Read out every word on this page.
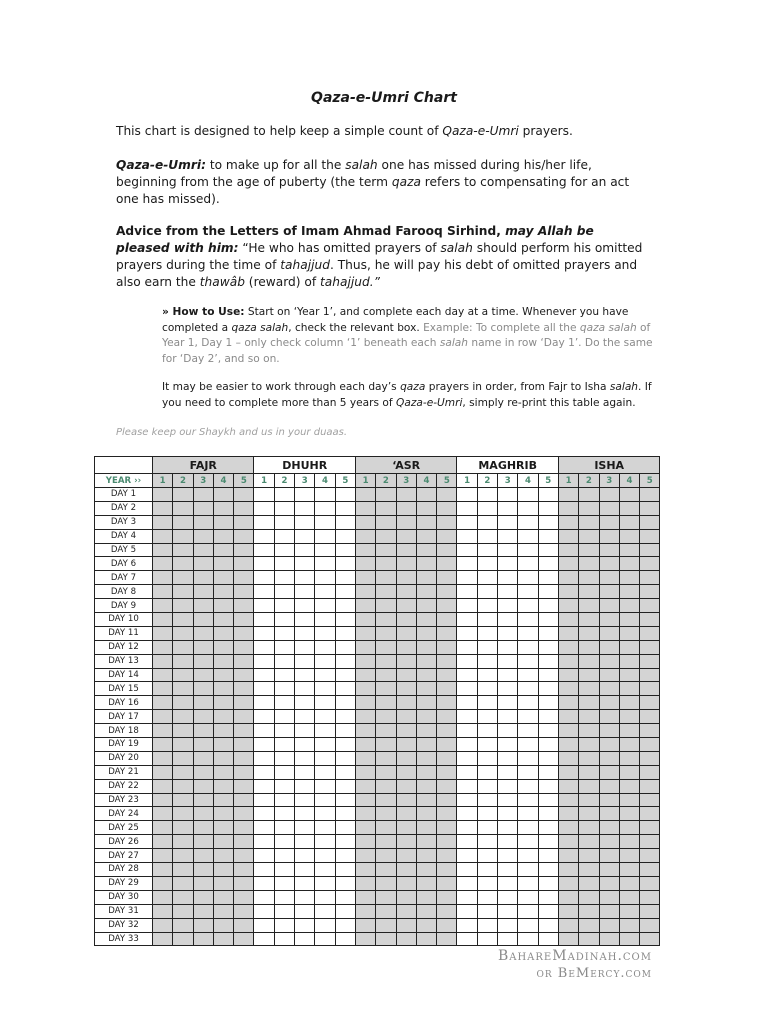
Qaza-e-Umri Chart
This chart is designed to help keep a simple count of Qaza-e-Umri prayers.
Qaza-e-Umri: to make up for all the salah one has missed during his/her life, beginning from the age of puberty (the term qaza refers to compensating for an act one has missed).
Advice from the Letters of Imam Ahmad Farooq Sirhind, may Allah be pleased with him: “He who has omitted prayers of salah should perform his omitted prayers during the time of tahajjud. Thus, he will pay his debt of omitted prayers and also earn the thawâb (reward) of tahajjud.”
» How to Use: Start on ‘Year 1’, and complete each day at a time. Whenever you have completed a qaza salah, check the relevant box. Example: To complete all the qaza salah of Year 1, Day 1 – only check column ‘1’ beneath each salah name in row ‘Day 1’. Do the same for ‘Day 2’, and so on.
It may be easier to work through each day’s qaza prayers in order, from Fajr to Isha salah. If you need to complete more than 5 years of Qaza-e-Umri, simply re-print this table again.
Please keep our Shaykh and us in your duaas.
	FAJR					DHUHR					‘ASR					MAGHRIB					ISHA				
YEAR ››	1	2	3	4	5	1	2	3	4	5	1	2	3	4	5	1	2	3	4	5	1	2	3	4	5
DAY 1																									
DAY 2																									
DAY 3																									
DAY 4																									
DAY 5																									
DAY 6																									
DAY 7																									
DAY 8																									
DAY 9																									
DAY 10																									
DAY 11																									
DAY 12																									
DAY 13																									
DAY 14																									
DAY 15																									
DAY 16																									
DAY 17																									
DAY 18																									
DAY 19																									
DAY 20																									
DAY 21																									
DAY 22																									
DAY 23																									
DAY 24																									
DAY 25																									
DAY 26																									
DAY 27																									
DAY 28																									
DAY 29																									
DAY 30																									
DAY 31																									
DAY 32																									
DAY 33																									
BahareMadinah.com
or BeMercy.com
